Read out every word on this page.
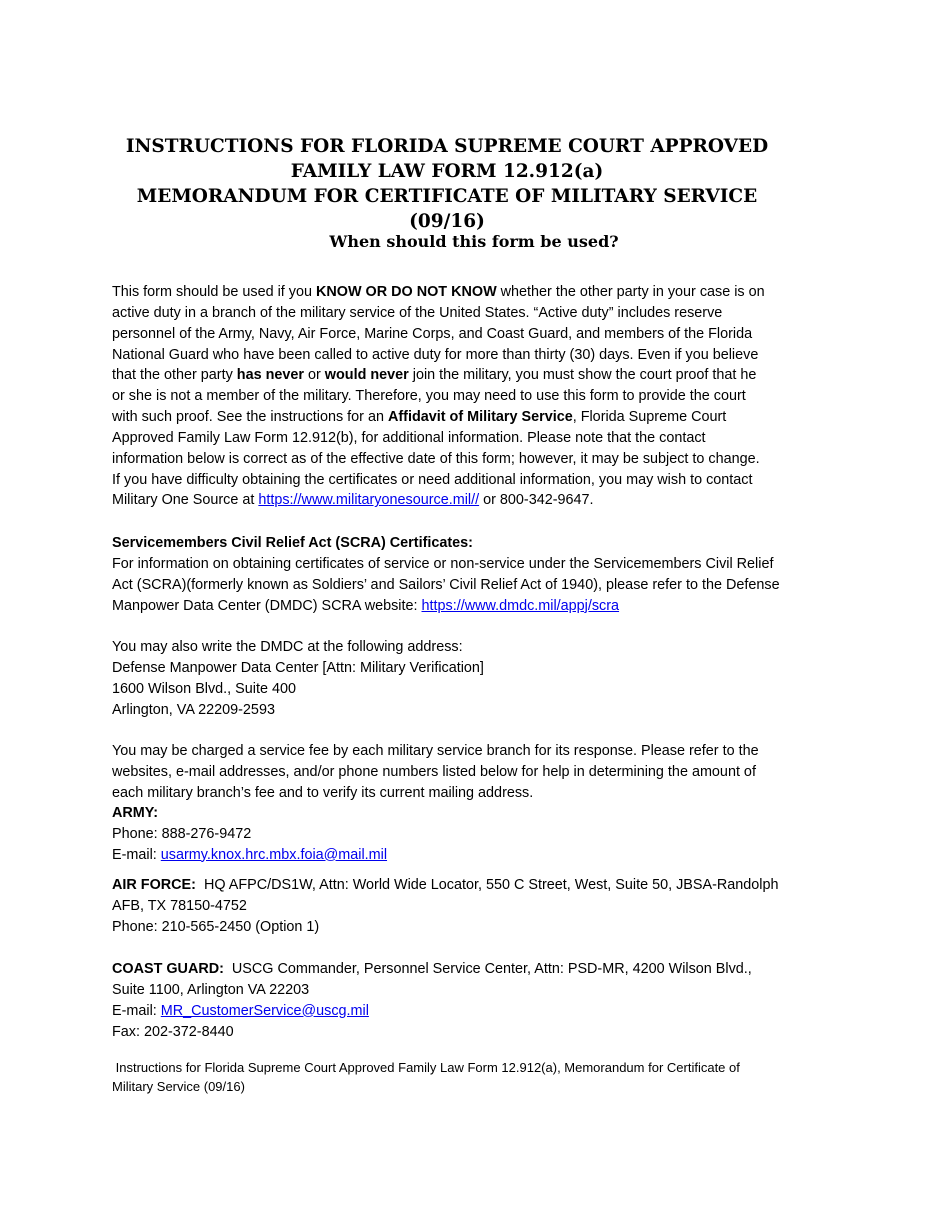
INSTRUCTIONS FOR FLORIDA SUPREME COURT APPROVED FAMILY LAW FORM 12.912(a)
MEMORANDUM FOR CERTIFICATE OF MILITARY SERVICE (09/16)
When should this form be used?
This form should be used if you KNOW OR DO NOT KNOW whether the other party in your case is on
active duty in a branch of the military service of the United States. “Active duty” includes reserve
personnel of the Army, Navy, Air Force, Marine Corps, and Coast Guard, and members of the Florida
National Guard who have been called to active duty for more than thirty (30) days. Even if you believe
that the other party has never or would never join the military, you must show the court proof that he
or she is not a member of the military. Therefore, you may need to use this form to provide the court
with such proof. See the instructions for an Affidavit of Military Service, Florida Supreme Court
Approved Family Law Form 12.912(b), for additional information. Please note that the contact
information below is correct as of the effective date of this form; however, it may be subject to change.
If you have difficulty obtaining the certificates or need additional information, you may wish to contact
Military One Source at https://www.militaryonesource.mil// or 800-342-9647.
Servicemembers Civil Relief Act (SCRA) Certificates:
For information on obtaining certificates of service or non-service under the Servicemembers Civil Relief
Act (SCRA)(formerly known as Soldiers’ and Sailors’ Civil Relief Act of 1940), please refer to the Defense
Manpower Data Center (DMDC) SCRA website: https://www.dmdc.mil/appj/scra
You may also write the DMDC at the following address:
Defense Manpower Data Center [Attn: Military Verification]
1600 Wilson Blvd., Suite 400
Arlington, VA 22209-2593
You may be charged a service fee by each military service branch for its response. Please refer to the
websites, e-mail addresses, and/or phone numbers listed below for help in determining the amount of
each military branch’s fee and to verify its current mailing address.
ARMY:
Phone: 888-276-9472
E-mail: usarmy.knox.hrc.mbx.foia@mail.mil
AIR FORCE:  HQ AFPC/DS1W, Attn: World Wide Locator, 550 C Street, West, Suite 50, JBSA-Randolph
AFB, TX 78150-4752
Phone: 210-565-2450 (Option 1)
COAST GUARD:  USCG Commander, Personnel Service Center, Attn: PSD-MR, 4200 Wilson Blvd.,
Suite 1100, Arlington VA 22203
E-mail: MR_CustomerService@uscg.mil
Fax: 202-372-8440
Instructions for Florida Supreme Court Approved Family Law Form 12.912(a), Memorandum for Certificate of
Military Service (09/16)
